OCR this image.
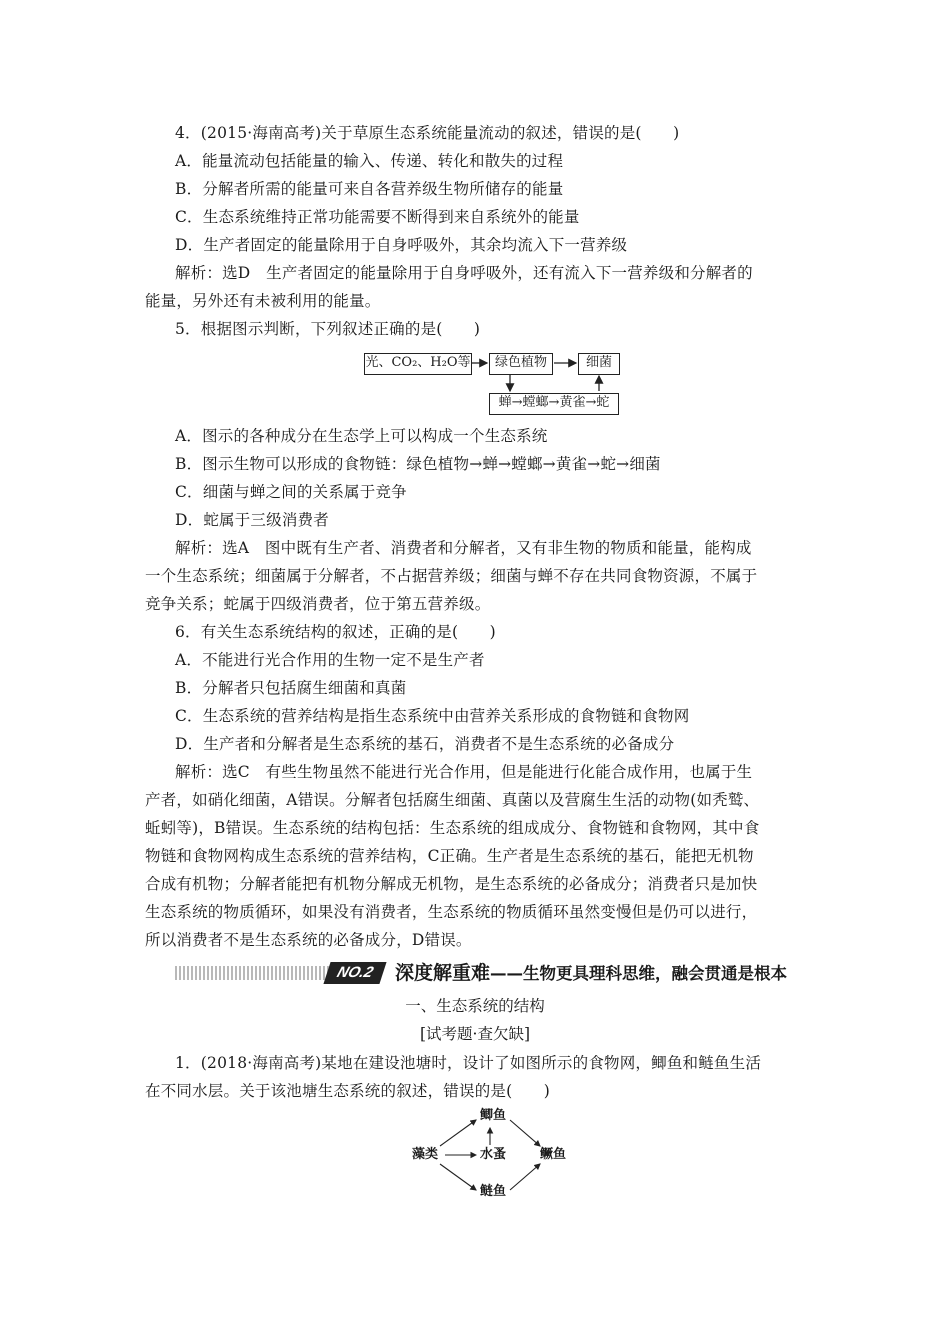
4．(2015·海南高考)关于草原生态系统能量流动的叙述，错误的是(　　)
A．能量流动包括能量的输入、传递、转化和散失的过程
B．分解者所需的能量可来自各营养级生物所储存的能量
C．生态系统维持正常功能需要不断得到来自系统外的能量
D．生产者固定的能量除用于自身呼吸外，其余均流入下一营养级
解析：选D　生产者固定的能量除用于自身呼吸外，还有流入下一营养级和分解者的
能量，另外还有未被利用的能量。
5．根据图示判断，下列叙述正确的是(　　)
光、CO₂、H₂O等	绿色植物	细菌
蝉→螳螂→黄雀→蛇
A．图示的各种成分在生态学上可以构成一个生态系统
B．图示生物可以形成的食物链：绿色植物→蝉→螳螂→黄雀→蛇→细菌
C．细菌与蝉之间的关系属于竞争
D．蛇属于三级消费者
解析：选A　图中既有生产者、消费者和分解者，又有非生物的物质和能量，能构成
一个生态系统；细菌属于分解者，不占据营养级；细菌与蝉不存在共同食物资源，不属于
竞争关系；蛇属于四级消费者，位于第五营养级。
6．有关生态系统结构的叙述，正确的是(　　)
A．不能进行光合作用的生物一定不是生产者
B．分解者只包括腐生细菌和真菌
C．生态系统的营养结构是指生态系统中由营养关系形成的食物链和食物网
D．生产者和分解者是生态系统的基石，消费者不是生态系统的必备成分
解析：选C　有些生物虽然不能进行光合作用，但是能进行化能合成作用，也属于生
产者，如硝化细菌，A错误。分解者包括腐生细菌、真菌以及营腐生生活的动物(如秃鹫、
蚯蚓等)，B错误。生态系统的结构包括：生态系统的组成成分、食物链和食物网，其中食
物链和食物网构成生态系统的营养结构，C正确。生产者是生态系统的基石，能把无机物
合成有机物；分解者能把有机物分解成无机物，是生态系统的必备成分；消费者只是加快
生态系统的物质循环，如果没有消费者，生态系统的物质循环虽然变慢但是仍可以进行，
所以消费者不是生态系统的必备成分，D错误。
NO.2	深度解重难——生物更具理科思维，融会贯通是根本
一、生态系统的结构
[试考题·查欠缺]
1．(2018·海南高考)某地在建设池塘时，设计了如图所示的食物网，鲫鱼和鲢鱼生活
在不同水层。关于该池塘生态系统的叙述，错误的是(　　)
藻类	水蚤
鲫鱼
鲢鱼
鳜鱼
